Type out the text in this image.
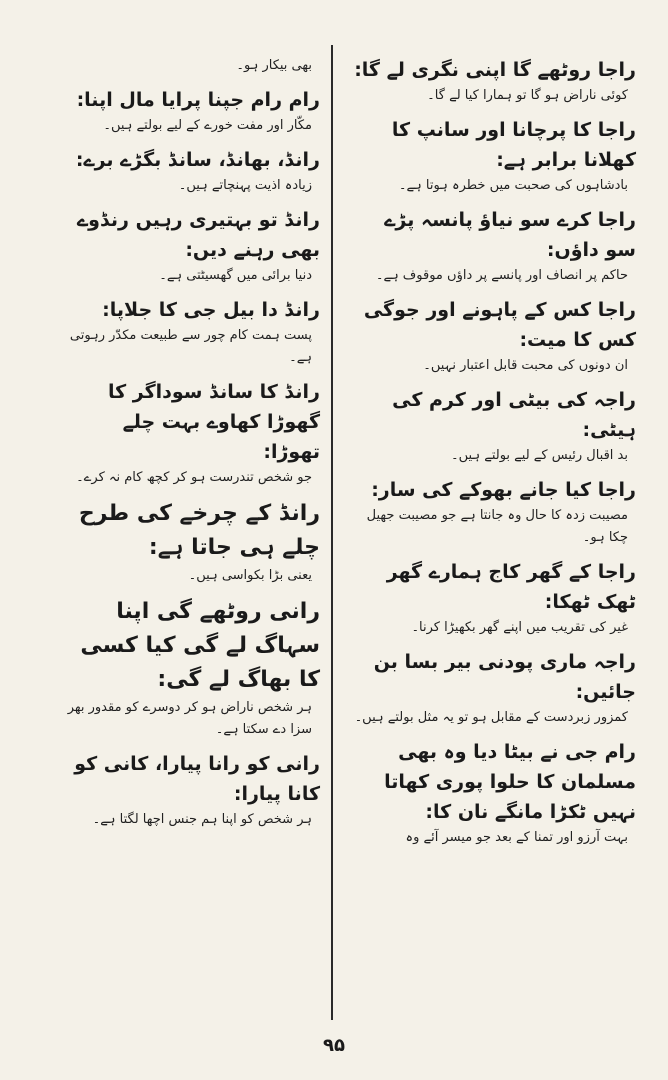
راجا روٹھے گا اپنی نگری لے گا:

کوئی ناراض ہو گا تو ہمارا کیا لے گا۔

راجا کا پرچانا اور سانپ کا کھلانا برابر ہے:

بادشاہوں کی صحبت میں خطرہ ہوتا ہے۔

راجا کرے سو نیاؤ پانسہ پڑے سو داؤں:

حاکم پر انصاف اور پانسے پر داؤں موقوف ہے۔

راجا کس کے پاہونے اور جوگی کس کا میت:

ان دونوں کی محبت قابل اعتبار نہیں۔

راجہ کی بیٹی اور کرم کی ہیٹی:

بد اقبال رئیس کے لیے بولتے ہیں۔

راجا کیا جانے بھوکے کی سار:

مصیبت زدہ کا حال وہ جانتا ہے جو مصیبت جھیل چکا ہو۔

راجا کے گھر کاج ہمارے گھر ٹھک ٹھکا:

غیر کی تقریب میں اپنے گھر بکھیڑا کرنا۔

راجہ ماری پودنی بیر بسا بن جائیں:

کمزور زبردست کے مقابل ہو تو یہ مثل بولتے ہیں۔

رام جی نے بیٹا دیا وہ بھی مسلمان کا حلوا پوری کھاتا نہیں ٹکڑا مانگے نان کا:

بہت آرزو اور تمنا کے بعد جو میسر آئے وہ

بھی بیکار ہو۔

رام رام جپنا پرایا مال اپنا:

مکّار اور مفت خورے کے لیے بولتے ہیں۔

رانڈ، بھانڈ، سانڈ بگڑے برے:

زیادہ اذیت پہنچاتے ہیں۔

رانڈ تو بہتیری رہیں رنڈوے بھی رہنے دیں:

دنیا برائی میں گھسیٹتی ہے۔

رانڈ دا بیل جی کا جلاپا:

پست ہمت کام چور سے طبیعت مکدّر رہوتی ہے۔

رانڈ کا سانڈ سوداگر کا گھوڑا کھاوے بہت چلے تھوڑا:

جو شخص تندرست ہو کر کچھ کام نہ کرے۔

رانڈ کے چرخے کی طرح چلے ہی جاتا ہے:

یعنی بڑا بکواسی ہیں۔

رانی روٹھے گی اپنا سہاگ لے گی کیا کسی کا بھاگ لے گی:

ہر شخص ناراض ہو کر دوسرے کو مقدور بھر سزا دے سکتا ہے۔

رانی کو رانا پیارا، کانی کو کانا پیارا:

ہر شخص کو اپنا ہم جنس اچھا لگتا ہے۔

۹۵
